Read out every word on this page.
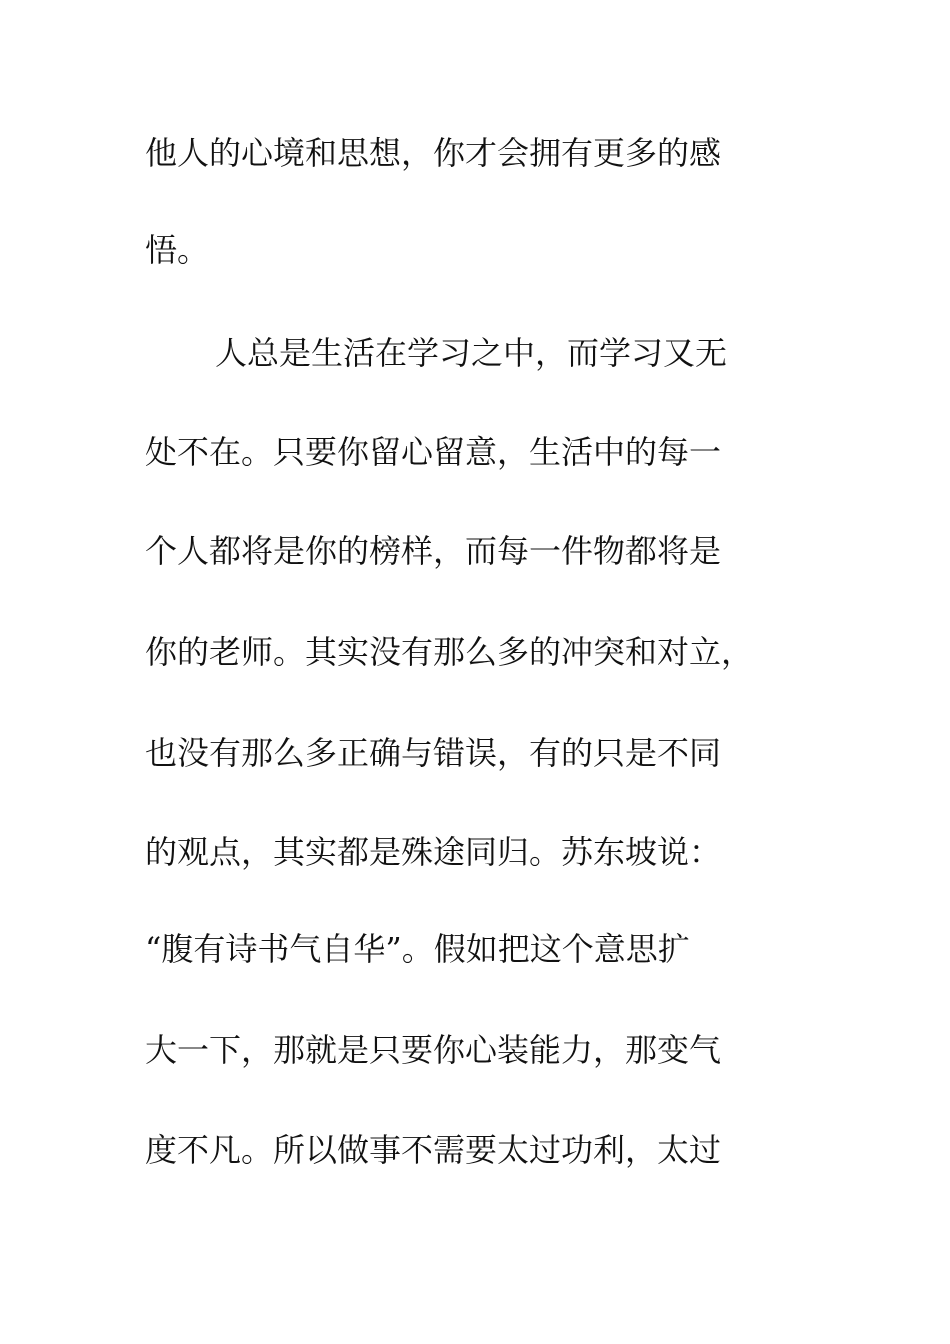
他人的心境和思想，你才会拥有更多的感
悟。
人总是生活在学习之中，而学习又无
处不在。只要你留心留意，生活中的每一
个人都将是你的榜样，而每一件物都将是
你的老师。其实没有那么多的冲突和对立，
也没有那么多正确与错误，有的只是不同
的观点，其实都是殊途同归。苏东坡说：
“腹有诗书气自华”。假如把这个意思扩
大一下，那就是只要你心装能力，那变气
度不凡。所以做事不需要太过功利，太过
